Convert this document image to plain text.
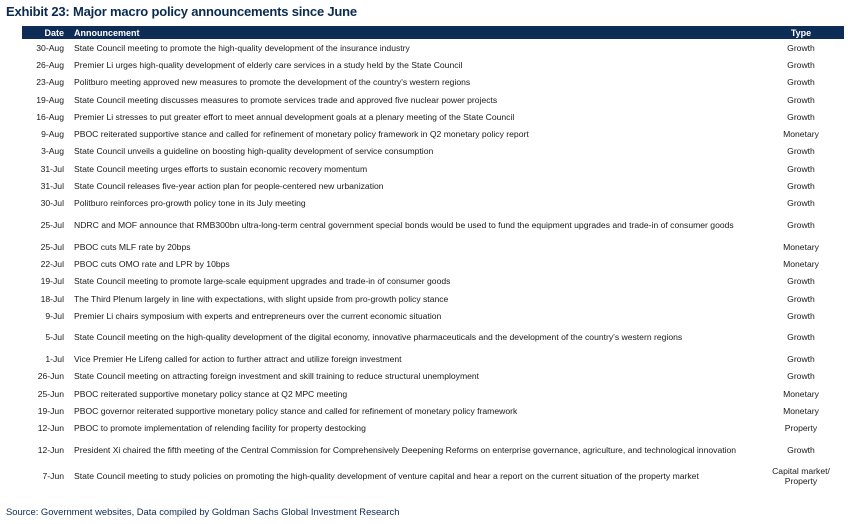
Exhibit 23: Major macro policy announcements since June
Date	Announcement	Type
30-Aug	State Council meeting to promote the high-quality development of the insurance industry	Growth
26-Aug	Premier Li urges high-quality development of elderly care services in a study held by the State Council	Growth
23-Aug	Politburo meeting approved new measures to promote the development of the country's western regions	Growth
19-Aug	State Council meeting discusses measures to promote services trade and approved five nuclear power projects	Growth
16-Aug	Premier Li stresses to put greater effort to meet annual development goals at a plenary meeting of the State Council	Growth
9-Aug	PBOC reiterated supportive stance and called for refinement of monetary policy framework in Q2 monetary policy report	Monetary
3-Aug	State Council unveils a guideline on boosting high-quality development of service consumption	Growth
31-Jul	State Council meeting urges efforts to sustain economic recovery momentum	Growth
31-Jul	State Council releases five-year action plan for people-centered new urbanization	Growth
30-Jul	Politburo reinforces pro-growth policy tone in its July meeting	Growth
25-Jul	NDRC and MOF announce that RMB300bn ultra-long-term central government special bonds would be used to fund the equipment upgrades and trade-in of consumer goods	Growth
25-Jul	PBOC cuts MLF rate by 20bps	Monetary
22-Jul	PBOC cuts OMO rate and LPR by 10bps	Monetary
19-Jul	State Council meeting to promote large-scale equipment upgrades and trade-in of consumer goods	Growth
18-Jul	The Third Plenum largely in line with expectations, with slight upside from pro-growth policy stance	Growth
9-Jul	Premier Li chairs symposium with experts and entrepreneurs over the current economic situation	Growth
5-Jul	State Council meeting on the high-quality development of the digital economy, innovative pharmaceuticals and the development of the country's western regions	Growth
1-Jul	Vice Premier He Lifeng called for action to further attract and utilize foreign investment	Growth
26-Jun	State Council meeting on attracting foreign investment and skill training to reduce structural unemployment	Growth
25-Jun	PBOC reiterated supportive monetary policy stance at Q2 MPC meeting	Monetary
19-Jun	PBOC governor reiterated supportive monetary policy stance and called for refinement of monetary policy framework	Monetary
12-Jun	PBOC to promote implementation of relending facility for property destocking	Property
12-Jun	President Xi chaired the fifth meeting of the Central Commission for Comprehensively Deepening Reforms on enterprise governance, agriculture, and technological innovation	Growth
7-Jun	State Council meeting to study policies on promoting the high-quality development of venture capital and hear a report on the current situation of the property market	Capital market/ Property
Source: Government websites, Data compiled by Goldman Sachs Global Investment Research
